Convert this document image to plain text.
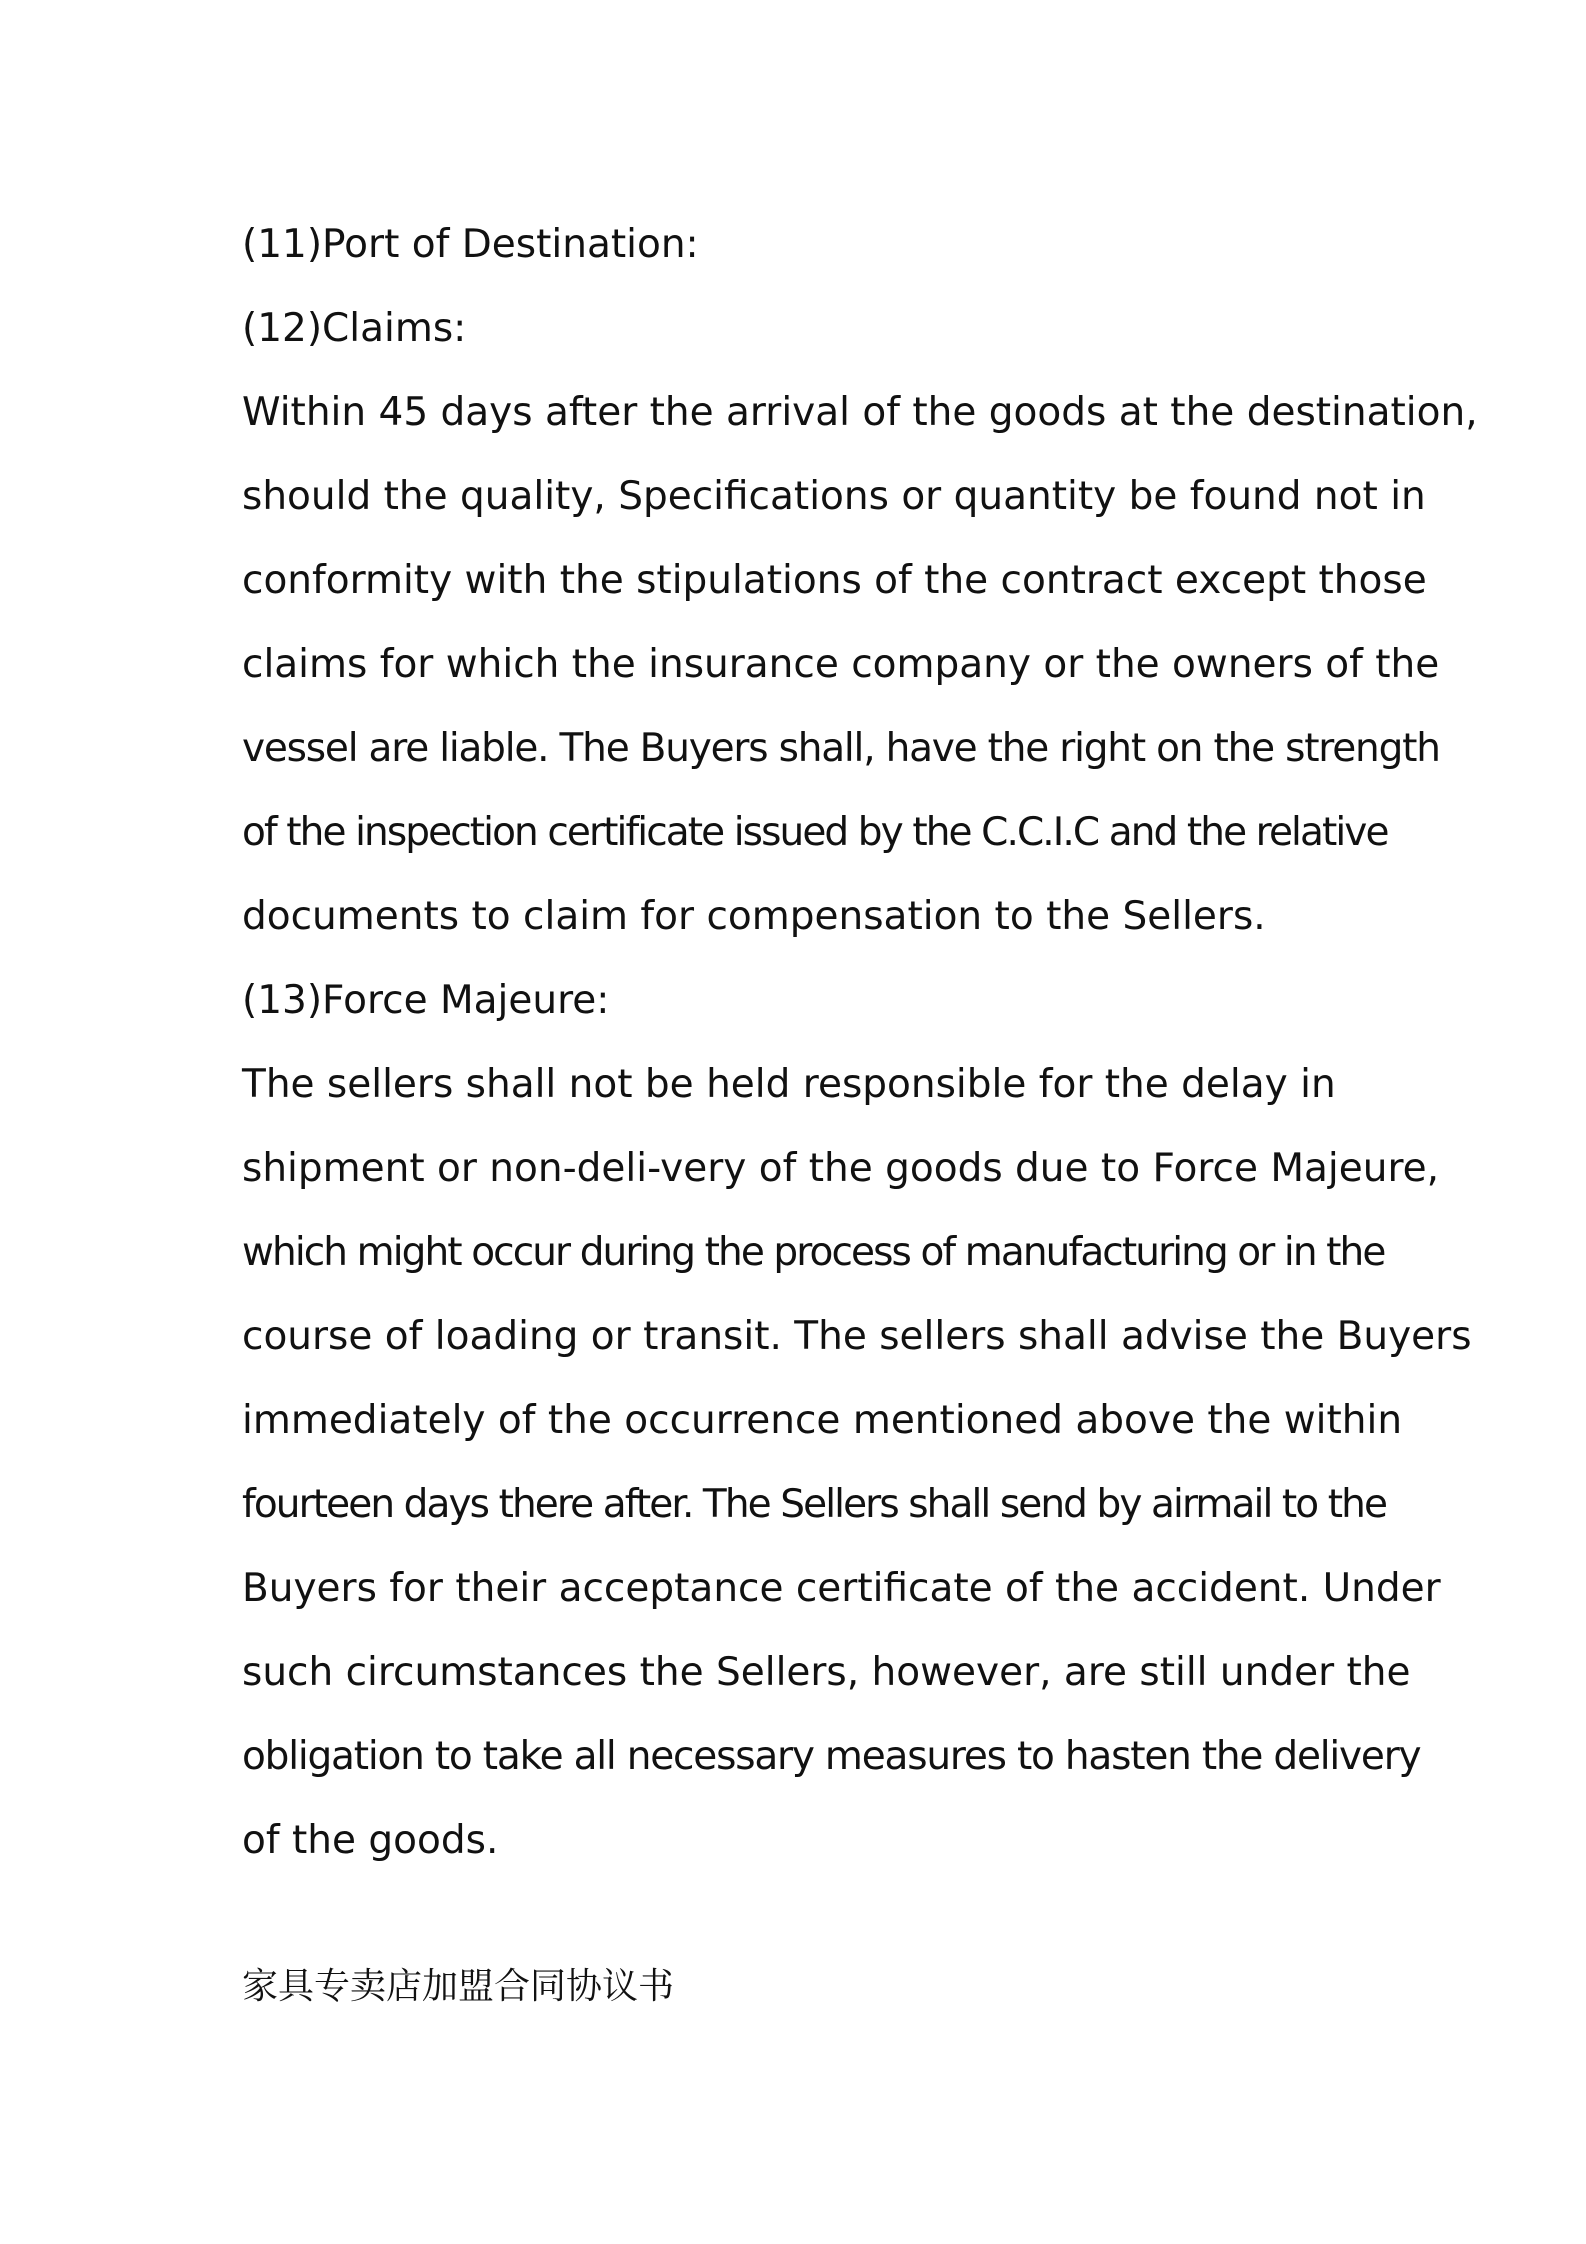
(11)Port of Destination:
(12)Claims:
Within 45 days after the arrival of the goods at the destination,
should the quality, Specifications or quantity be found not in
conformity with the stipulations of the contract except those
claims for which the insurance company or the owners of the
vessel are liable. The Buyers shall, have the right on the strength
of the inspection certificate issued by the C.C.I.C and the relative
documents to claim for compensation to the Sellers.
(13)Force Majeure:
The sellers shall not be held responsible for the delay in
shipment or non-deli-very of the goods due to Force Majeure,
which might occur during the process of manufacturing or in the
course of loading or transit. The sellers shall advise the Buyers
immediately of the occurrence mentioned above the within
fourteen days there after. The Sellers shall send by airmail to the
Buyers for their acceptance certificate of the accident. Under
such circumstances the Sellers, however, are still under the
obligation to take all necessary measures to hasten the delivery
of the goods.
家具专卖店加盟合同协议书
